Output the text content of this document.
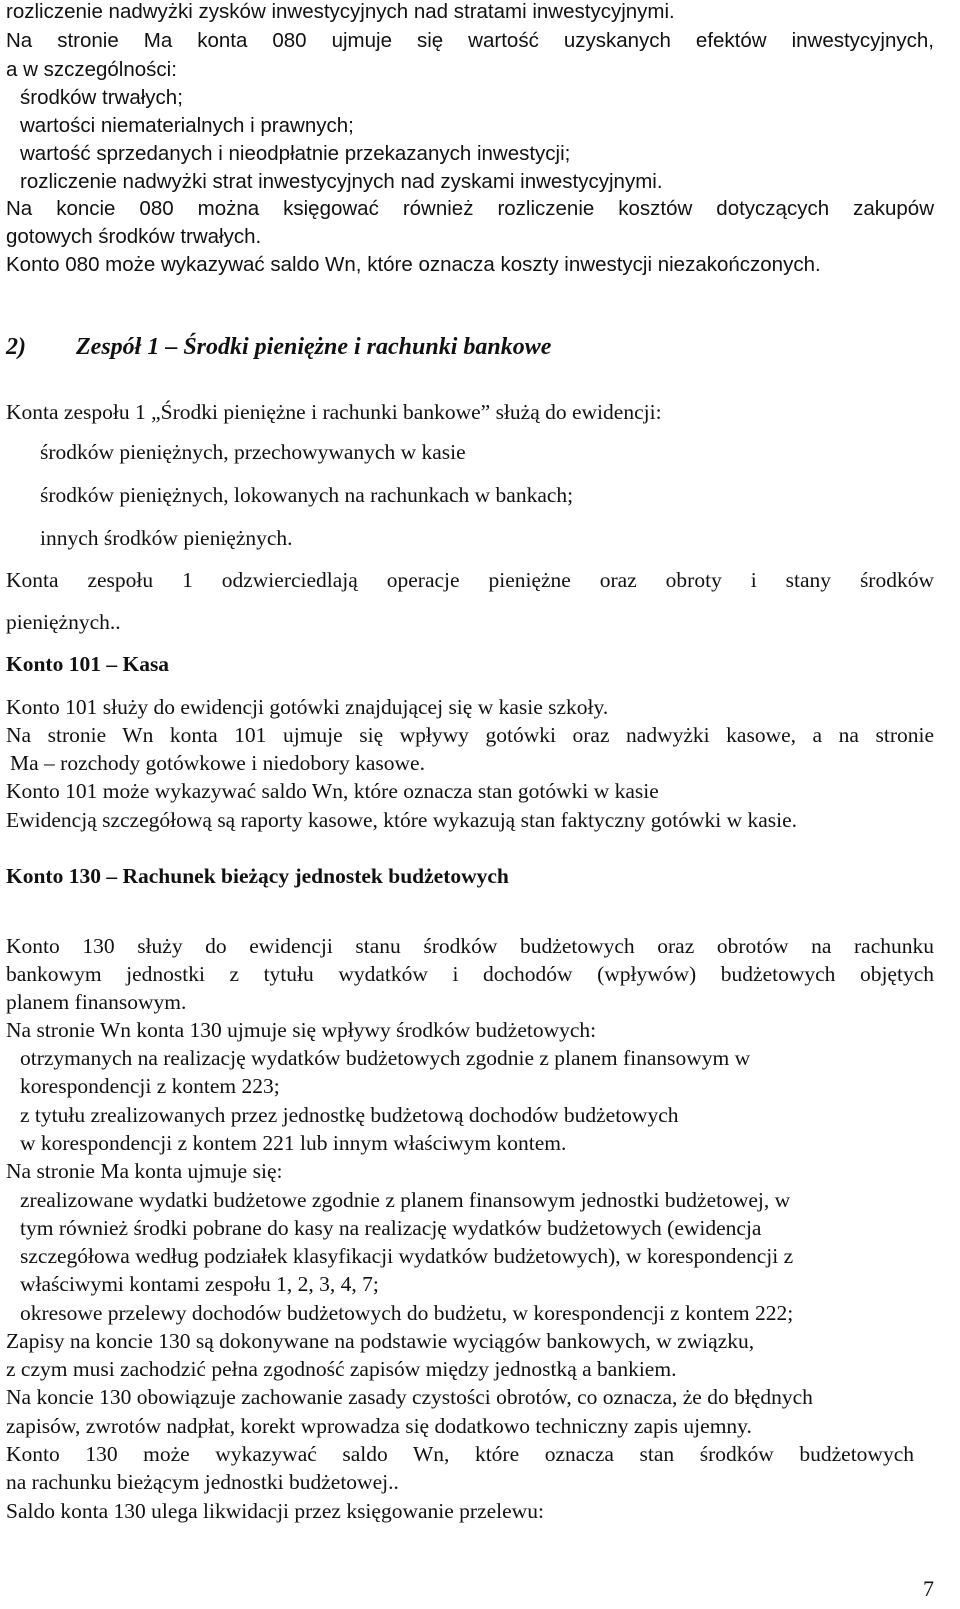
rozliczenie nadwyżki zysków inwestycyjnych nad stratami inwestycyjnymi.
Na stronie Ma konta 080 ujmuje się wartość uzyskanych efektów inwestycyjnych,
a w szczególności:
środków trwałych;
wartości niematerialnych i prawnych;
wartość sprzedanych i nieodpłatnie przekazanych inwestycji;
rozliczenie nadwyżki strat inwestycyjnych nad zyskami inwestycyjnymi.
Na koncie 080 można księgować również rozliczenie kosztów dotyczących zakupów
gotowych środków trwałych.
Konto 080 może wykazywać saldo Wn, które oznacza koszty inwestycji niezakończonych.
2) Zespół 1 – Środki pieniężne i rachunki bankowe
Konta zespołu 1 „Środki pieniężne i rachunki bankowe” służą do ewidencji:
środków pieniężnych, przechowywanych w kasie
środków pieniężnych, lokowanych na rachunkach w bankach;
innych środków pieniężnych.
Konta zespołu 1 odzwierciedlają operacje pieniężne oraz obroty i stany środków
pieniężnych..
Konto 101 – Kasa
Konto 101 służy do ewidencji gotówki znajdującej się w kasie szkoły.
Na stronie Wn konta 101 ujmuje się wpływy gotówki oraz nadwyżki kasowe, a na stronie
Ma – rozchody gotówkowe i niedobory kasowe.
Konto 101 może wykazywać saldo Wn, które oznacza stan gotówki w kasie
Ewidencją szczegółową są raporty kasowe, które wykazują stan faktyczny gotówki w kasie.
Konto 130 – Rachunek bieżący jednostek budżetowych
Konto 130 służy do ewidencji stanu środków budżetowych oraz obrotów na rachunku
bankowym jednostki z tytułu wydatków i dochodów (wpływów) budżetowych objętych
planem finansowym.
Na stronie Wn konta 130 ujmuje się wpływy środków budżetowych:
otrzymanych na realizację wydatków budżetowych zgodnie z planem finansowym w
korespondencji z kontem 223;
z tytułu zrealizowanych przez jednostkę budżetową dochodów budżetowych
w korespondencji z kontem 221 lub innym właściwym kontem.
Na stronie Ma konta ujmuje się:
zrealizowane wydatki budżetowe zgodnie z planem finansowym jednostki budżetowej, w
tym również środki pobrane do kasy na realizację wydatków budżetowych (ewidencja
szczegółowa według podziałek klasyfikacji wydatków budżetowych), w korespondencji z
właściwymi kontami zespołu 1, 2, 3, 4, 7;
okresowe przelewy dochodów budżetowych do budżetu, w korespondencji z kontem 222;
Zapisy na koncie 130 są dokonywane na podstawie wyciągów bankowych, w związku,
z czym musi zachodzić pełna zgodność zapisów między jednostką a bankiem.
Na koncie 130 obowiązuje zachowanie zasady czystości obrotów, co oznacza, że do błędnych
zapisów, zwrotów nadpłat, korekt wprowadza się dodatkowo techniczny zapis ujemny.
Konto 130 może wykazywać saldo Wn, które oznacza stan środków budżetowych
na rachunku bieżącym jednostki budżetowej..
Saldo konta 130 ulega likwidacji przez księgowanie przelewu:
7
